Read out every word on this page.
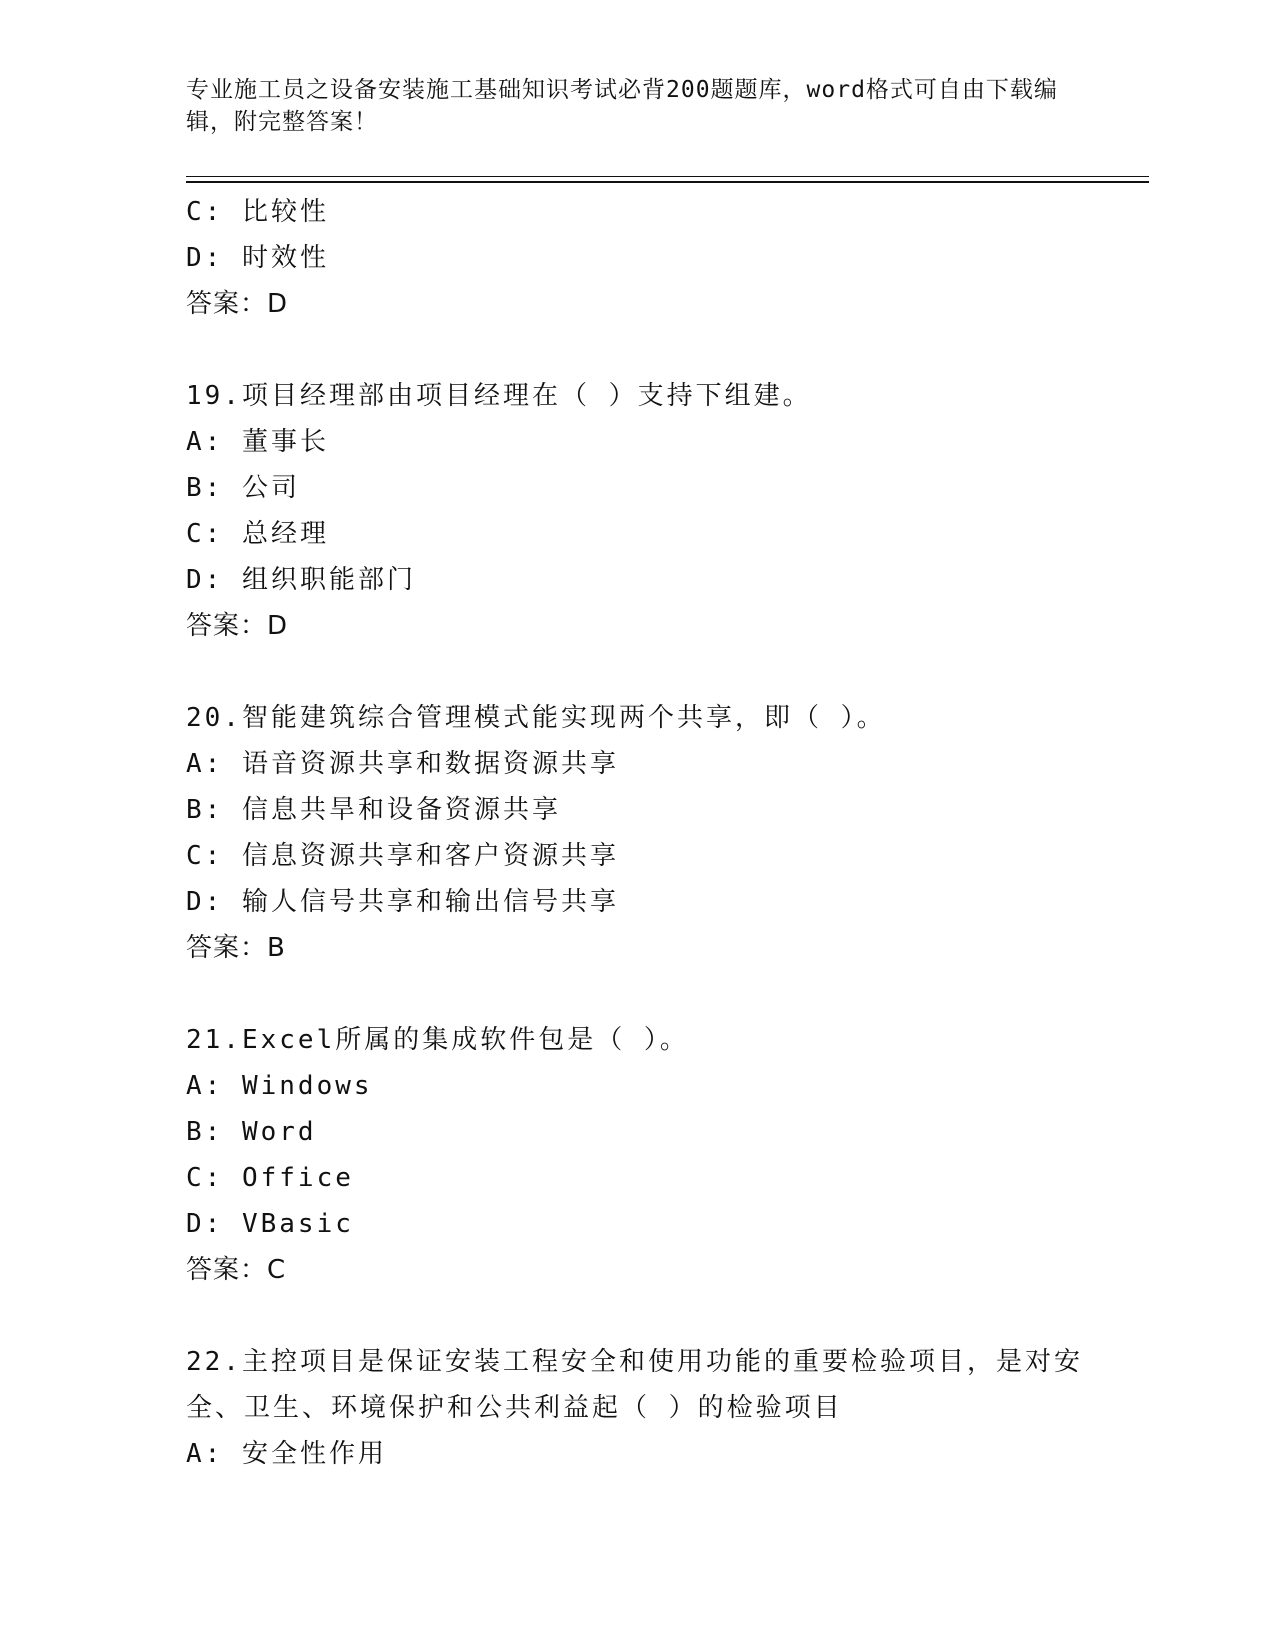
专业施工员之设备安装施工基础知识考试必背200题题库，word格式可自由下载编辑，附完整答案！
C: 比较性
D: 时效性
答案：D
19.项目经理部由项目经理在（ ）支持下组建。
A: 董事长
B: 公司
C: 总经理
D: 组织职能部门
答案：D
20.智能建筑综合管理模式能实现两个共享，即（ ）。
A: 语音资源共享和数据资源共享
B: 信息共旱和设备资源共享
C: 信息资源共享和客户资源共享
D: 输人信号共享和输出信号共享
答案：B
21.Excel所属的集成软件包是（ ）。
A: Windows
B: Word
C: Office
D: VBasic
答案：C
22.主控项目是保证安装工程安全和使用功能的重要检验项目，是对安
全、卫生、环境保护和公共利益起（ ）的检验项目
A: 安全性作用
